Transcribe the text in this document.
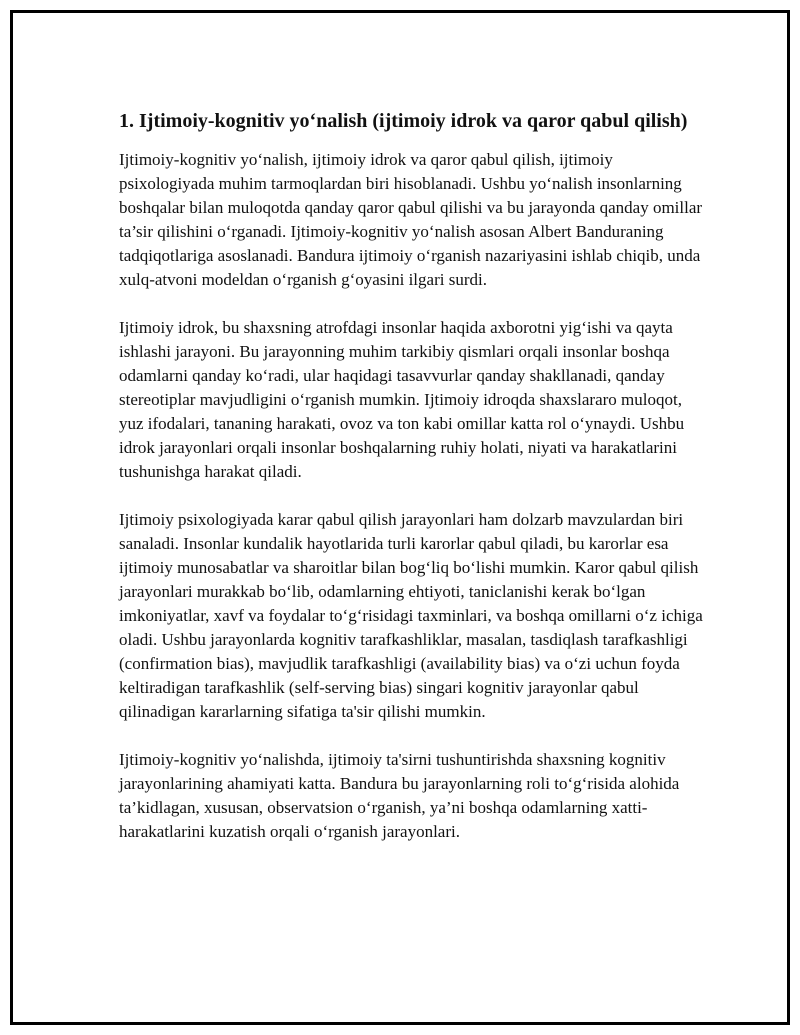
1. Ijtimoiy-kognitiv yo‘nalish (ijtimoiy idrok va qaror qabul qilish)

Ijtimoiy-kognitiv yo‘nalish, ijtimoiy idrok va qaror qabul qilish, ijtimoiy psixologiyada muhim tarmoqlardan biri hisoblanadi. Ushbu yo‘nalish insonlarning boshqalar bilan muloqotda qanday qaror qabul qilishi va bu jarayonda qanday omillar ta’sir qilishini o‘rganadi. Ijtimoiy-kognitiv yo‘nalish asosan Albert Banduraning tadqiqotlariga asoslanadi. Bandura ijtimoiy o‘rganish nazariyasini ishlab chiqib, unda xulq-atvoni modeldan o‘rganish g‘oyasini ilgari surdi.

Ijtimoiy idrok, bu shaxsning atrofdagi insonlar haqida axborotni yig‘ishi va qayta ishlashi jarayoni. Bu jarayonning muhim tarkibiy qismlari orqali insonlar boshqa odamlarni qanday ko‘radi, ular haqidagi tasavvurlar qanday shakllanadi, qanday stereotiplar mavjudligini o‘rganish mumkin. Ijtimoiy idroqda shaxslararo muloqot, yuz ifodalari, tananing harakati, ovoz va ton kabi omillar katta rol o‘ynaydi. Ushbu idrok jarayonlari orqali insonlar boshqalarning ruhiy holati, niyati va harakatlarini tushunishga harakat qiladi.

Ijtimoiy psixologiyada karar qabul qilish jarayonlari ham dolzarb mavzulardan biri sanaladi. Insonlar kundalik hayotlarida turli karorlar qabul qiladi, bu karorlar esa ijtimoiy munosabatlar va sharoitlar bilan bog‘liq bo‘lishi mumkin. Karor qabul qilish jarayonlari murakkab bo‘lib, odamlarning ehtiyoti, taniclanishi kerak bo‘lgan imkoniyatlar, xavf va foydalar to‘g‘risidagi taxminlari, va boshqa omillarni o‘z ichiga oladi. Ushbu jarayonlarda kognitiv tarafkashliklar, masalan, tasdiqlash tarafkashligi (confirmation bias), mavjudlik tarafkashligi (availability bias) va o‘zi uchun foyda keltiradigan tarafkashlik (self-serving bias) singari kognitiv jarayonlar qabul qilinadigan kararlarning sifatiga ta'sir qilishi mumkin.

Ijtimoiy-kognitiv yo‘nalishda, ijtimoiy ta'sirni tushuntirishda shaxsning kognitiv jarayonlarining ahamiyati katta. Bandura bu jarayonlarning roli to‘g‘risida alohida ta’kidlagan, xususan, observatsion o‘rganish, ya’ni boshqa odamlarning xatti-harakatlarini kuzatish orqali o‘rganish jarayonlari.
